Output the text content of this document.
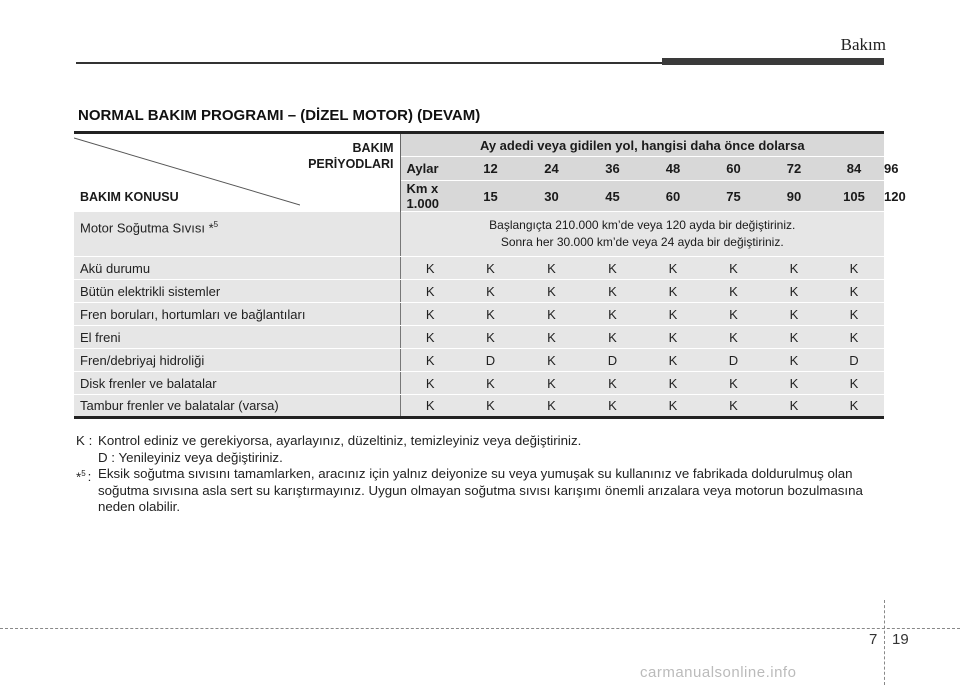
Bakım
NORMAL BAKIM PROGRAMI – (DİZEL MOTOR) (DEVAM)
BAKIM
PERİYODLARI
BAKIM KONUSU	Ay adedi veya gidilen yol, hangisi daha önce dolarsa								
	Aylar	12	24	36	48	60	72	84	96
	Km x 1.000	15	30	45	60	75	90	105	120
Motor Soğutma Sıvısı *$^5$	Başlangıçta 210.000 km’de veya 120 ayda bir değiştiriniz.
Sonra her 30.000 km’de veya 24 ayda bir değiştiriniz.								

Akü durumu	K	K	K	K	K	K	K	K	
Bütün elektrikli sistemler	K	K	K	K	K	K	K	K	
Fren boruları, hortumları ve bağlantıları	K	K	K	K	K	K	K	K	
El freni	K	K	K	K	K	K	K	K	
Fren/debriyaj hidroliği	K	D	K	D	K	D	K	D	
Disk frenler ve balatalar	K	K	K	K	K	K	K	K	
Tambur frenler ve balatalar (varsa)	K	K	K	K	K	K	K	K	
K : Kontrol ediniz ve gerekiyorsa, ayarlayınız, düzeltiniz, temizleyiniz veya değiştiriniz.
D : Yenileyiniz veya değiştiriniz.
*$^5$ : Eksik soğutma sıvısını tamamlarken, aracınız için yalnız deiyonize su veya yumuşak su kullanınız ve fabrikada doldurulmuş olan soğutma sıvısına asla sert su karıştırmayınız. Uygun olmayan soğutma sıvısı karışımı önemli arızalara veya motorun bozulmasına neden olabilir.
7 19
carmanualsonline.info
